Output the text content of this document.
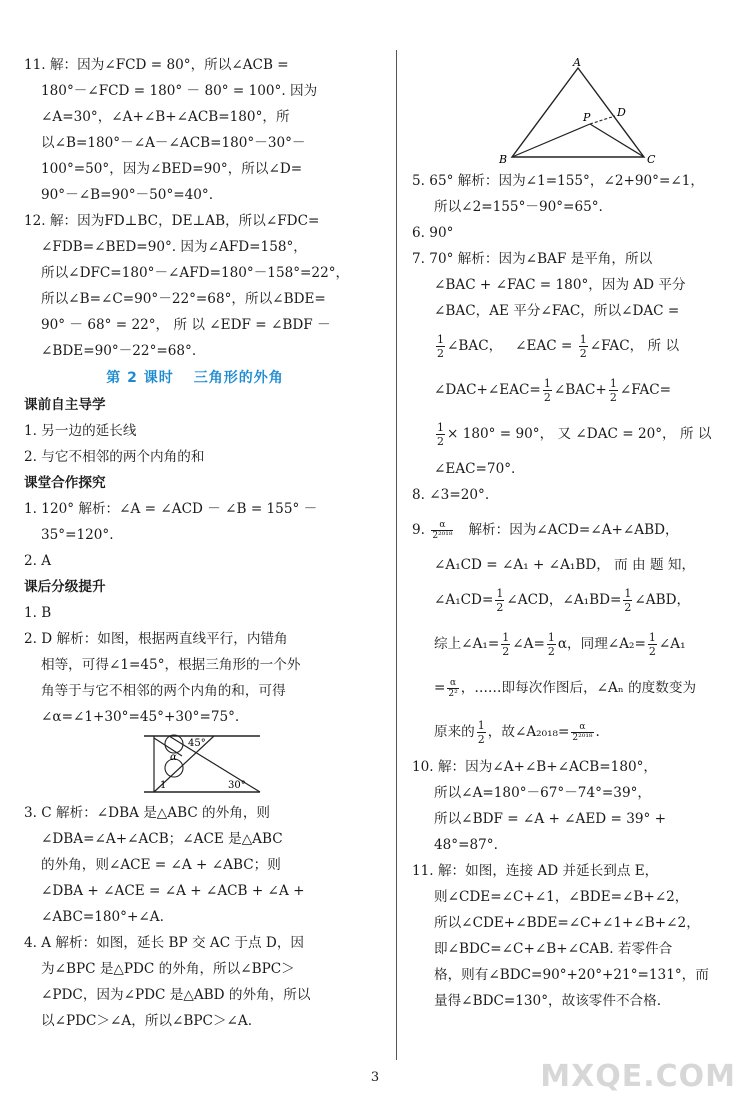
11. 解：因为∠FCD = 80°，所以∠ACB =
180°－∠FCD = 180° － 80° = 100°. 因为
∠A=30°，∠A+∠B+∠ACB=180°，所
以∠B=180°－∠A－∠ACB=180°－30°－
100°=50°，因为∠BED=90°，所以∠D=
90°－∠B=90°－50°=40°.
12. 解：因为FD⊥BC，DE⊥AB，所以∠FDC=
∠FDB=∠BED=90°. 因为∠AFD=158°，
所以∠DFC=180°－∠AFD=180°－158°=22°，
所以∠B=∠C=90°－22°=68°，所以∠BDE=
90° － 68° = 22°， 所 以 ∠EDF = ∠BDF －
∠BDE=90°－22°=68°.
第 2 课时 三角形的外角
课前自主导学
1. 另一边的延长线
2. 与它不相邻的两个内角的和
课堂合作探究
1. 120° 解析：∠A = ∠ACD － ∠B = 155° －
35°=120°.
2. A
课后分级提升
1. B
2. D 解析：如图，根据两直线平行，内错角
相等，可得∠1=45°，根据三角形的一个外
角等于与它不相邻的两个内角的和，可得
∠α=∠1+30°=45°+30°=75°.
45°
α
1	30°
3. C 解析：∠DBA 是△ABC 的外角，则
∠DBA=∠A+∠ACB；∠ACE 是△ABC
的外角，则∠ACE = ∠A + ∠ABC；则
∠DBA + ∠ACE = ∠A + ∠ACB + ∠A +
∠ABC=180°+∠A.
4. A 解析：如图，延长 BP 交 AC 于点 D，因
为∠BPC 是△PDC 的外角，所以∠BPC＞
∠PDC，因为∠PDC 是△ABD 的外角，所以
以∠PDC＞∠A，所以∠BPC＞∠A.
A
B	C
D
P
5. 65° 解析：因为∠1=155°，∠2+90°=∠1，
所以∠2=155°－90°=65°.
6. 90°
7. 70° 解析：因为∠BAF 是平角，所以
∠BAC + ∠FAC = 180°，因为 AD 平分
∠BAC，AE 平分∠FAC，所以∠DAC =
$\frac{1}{2}$ ∠BAC， ∠EAC = $\frac{1}{2}$ ∠FAC， 所 以
∠DAC+∠EAC= $\frac{1}{2}$ ∠BAC+ $\frac{1}{2}$ ∠FAC=
$\frac{1}{2} \times 180^\circ = 90^\circ$， 又 ∠DAC = 20°， 所 以
∠EAC=70°.
8. ∠3=20°.
9. $\frac{\alpha}{\text{2²⁰¹⁸}}$ 解析：因为∠ACD=∠A+∠ABD，
∠A₁CD = ∠A₁ + ∠A₁BD， 而 由 题 知，
∠A₁CD= $\frac{1}{2}$ ∠ACD，∠A₁BD= $\frac{1}{2}$ ∠ABD，
综上∠A₁= $\frac{1}{2}$ ∠A= $\frac{1}{2}$ α，同理∠A₂= $\frac{1}{2}$ ∠A₁
= $\frac{\alpha}{\text{2²}}$ ，……即每次作图后，∠Aₙ 的度数变为
原来的 $\frac{1}{2}$ ，故∠A₂₀₁₈= $\frac{\alpha}{\text{2²⁰¹⁸}}$ .
10. 解：因为∠A+∠B+∠ACB=180°，
所以∠A=180°－67°－74°=39°，
所以∠BDF = ∠A + ∠AED = 39° +
48°=87°.
11. 解：如图，连接 AD 并延长到点 E，
则∠CDE=∠C+∠1，∠BDE=∠B+∠2，
所以∠CDE+∠BDE=∠C+∠1+∠B+∠2，
即∠BDC=∠C+∠B+∠CAB. 若零件合
格，则有∠BDC=90°+20°+21°=131°，而
量得∠BDC=130°，故该零件不合格.
3	MXQE.COM
